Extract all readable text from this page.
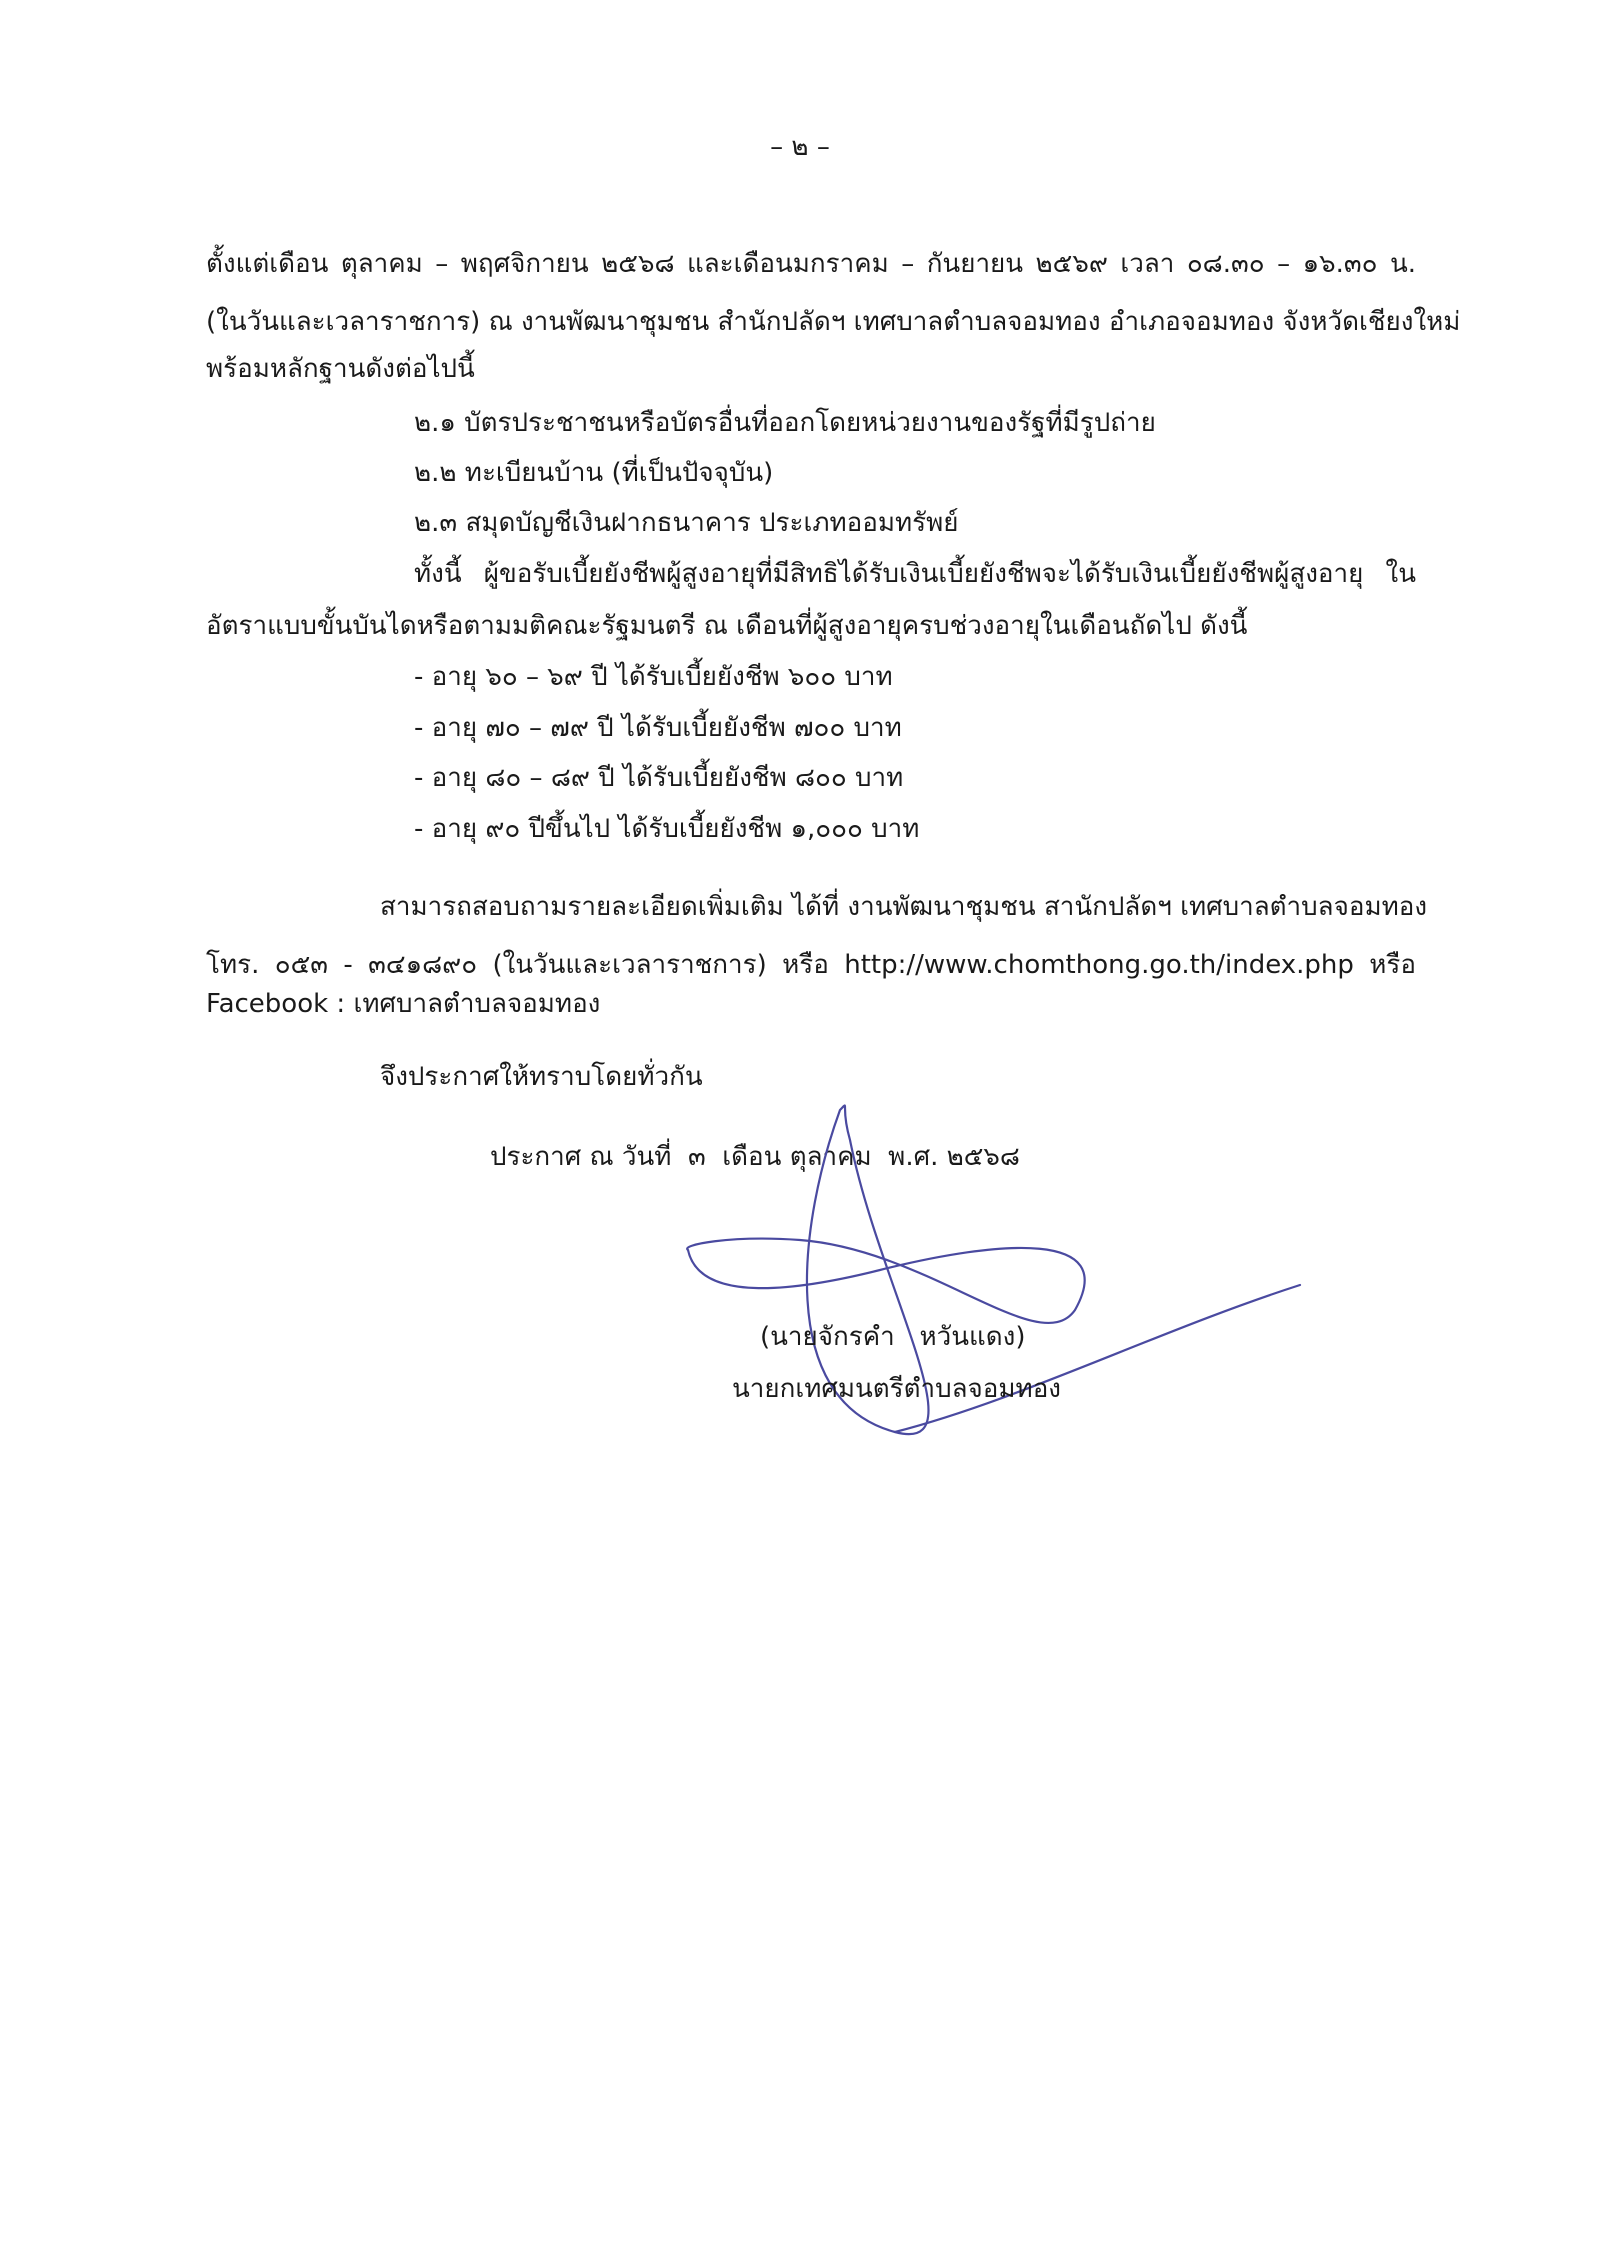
– ๒ –
ตั้งแต่เดือน ตุลาคม – พฤศจิกายน ๒๕๖๘ และเดือนมกราคม – กันยายน ๒๕๖๙ เวลา ๐๘.๓๐ – ๑๖.๓๐ น.
(ในวันและเวลาราชการ) ณ งานพัฒนาชุมชน สำนักปลัดฯ เทศบาลตำบลจอมทอง อำเภอจอมทอง จังหวัดเชียงใหม่
พร้อมหลักฐานดังต่อไปนี้
๒.๑ บัตรประชาชนหรือบัตรอื่นที่ออกโดยหน่วยงานของรัฐที่มีรูปถ่าย
๒.๒ ทะเบียนบ้าน (ที่เป็นปัจจุบัน)
๒.๓ สมุดบัญชีเงินฝากธนาคาร ประเภทออมทรัพย์
ทั้งนี้ ผู้ขอรับเบี้ยยังชีพผู้สูงอายุที่มีสิทธิได้รับเงินเบี้ยยังชีพจะได้รับเงินเบี้ยยังชีพผู้สูงอายุ ใน
อัตราแบบขั้นบันไดหรือตามมติคณะรัฐมนตรี ณ เดือนที่ผู้สูงอายุครบช่วงอายุในเดือนถัดไป ดังนี้
- อายุ ๖๐ – ๖๙ ปี ได้รับเบี้ยยังชีพ ๖๐๐ บาท
- อายุ ๗๐ – ๗๙ ปี ได้รับเบี้ยยังชีพ ๗๐๐ บาท
- อายุ ๘๐ – ๘๙ ปี ได้รับเบี้ยยังชีพ ๘๐๐ บาท
- อายุ ๙๐ ปีขึ้นไป ได้รับเบี้ยยังชีพ ๑,๐๐๐ บาท
สามารถสอบถามรายละเอียดเพิ่มเติม ได้ที่ งานพัฒนาชุมชน สานักปลัดฯ เทศบาลตำบลจอมทอง
โทร. ๐๕๓ - ๓๔๑๘๙๐ (ในวันและเวลาราชการ) หรือ http://www.chomthong.go.th/index.php หรือ
Facebook : เทศบาลตำบลจอมทอง
จึงประกาศให้ทราบโดยทั่วกัน
ประกาศ ณ วันที่  ๓  เดือน ตุลาคม  พ.ศ. ๒๕๖๘
(นายจักรคำ   หวันแดง)
นายกเทศมนตรีตำบลจอมทอง
